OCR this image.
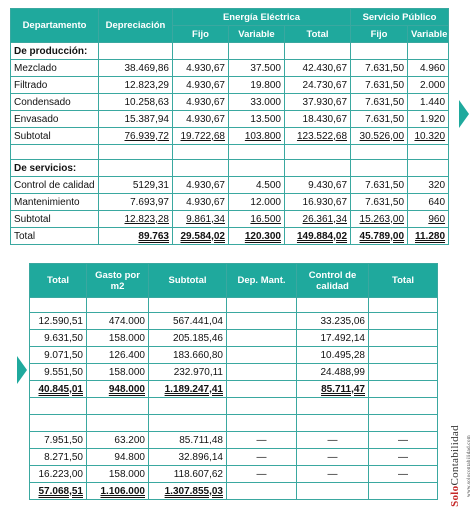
Departamento	Depreciación	Energía Eléctrica			Servicio Público	
		Fijo	Variable	Total	Fijo	Variable
De producción:						
Mezclado	38.469,86	4.930,67	37.500	42.430,67	7.631,50	4.960
Filtrado	12.823,29	4.930,67	19.800	24.730,67	7.631,50	2.000
Condensado	10.258,63	4.930,67	33.000	37.930,67	7.631,50	1.440
Envasado	15.387,94	4.930,67	13.500	18.430,67	7.631,50	1.920
Subtotal	76.939,72	19.722,68	103.800	123.522,68	30.526,00	10.320

De servicios:						
Control de calidad	5129,31	4.930,67	4.500	9.430,67	7.631,50	320
Mantenimiento	7.693,97	4.930,67	12.000	16.930,67	7.631,50	640
Subtotal	12.823,28	9.861,34	16.500	26.361,34	15.263,00	960
Total	89.763	29.584,02	120.300	149.884,02	45.789,00	11.280
Total	Gasto por m2	Subtotal	Dep. Mant.	Control de calidad	Total

12.590,51	474.000	567.441,04		33.235,06	
9.631,50	158.000	205.185,46		17.492,14	
9.071,50	126.400	183.660,80		10.495,28	
9.551,50	158.000	232.970,11		24.488,99	
40.845,01	948.000	1.189.247,41		85.711,47	

7.951,50	63.200	85.711,48	—	—	—
8.271,50	94.800	32.896,14	—	—	—
16.223,00	158.000	118.607,62	—	—	—
57.068,51	1.106.000	1.307.855,03				SoloContabilidad www.solocontabilidad.com
